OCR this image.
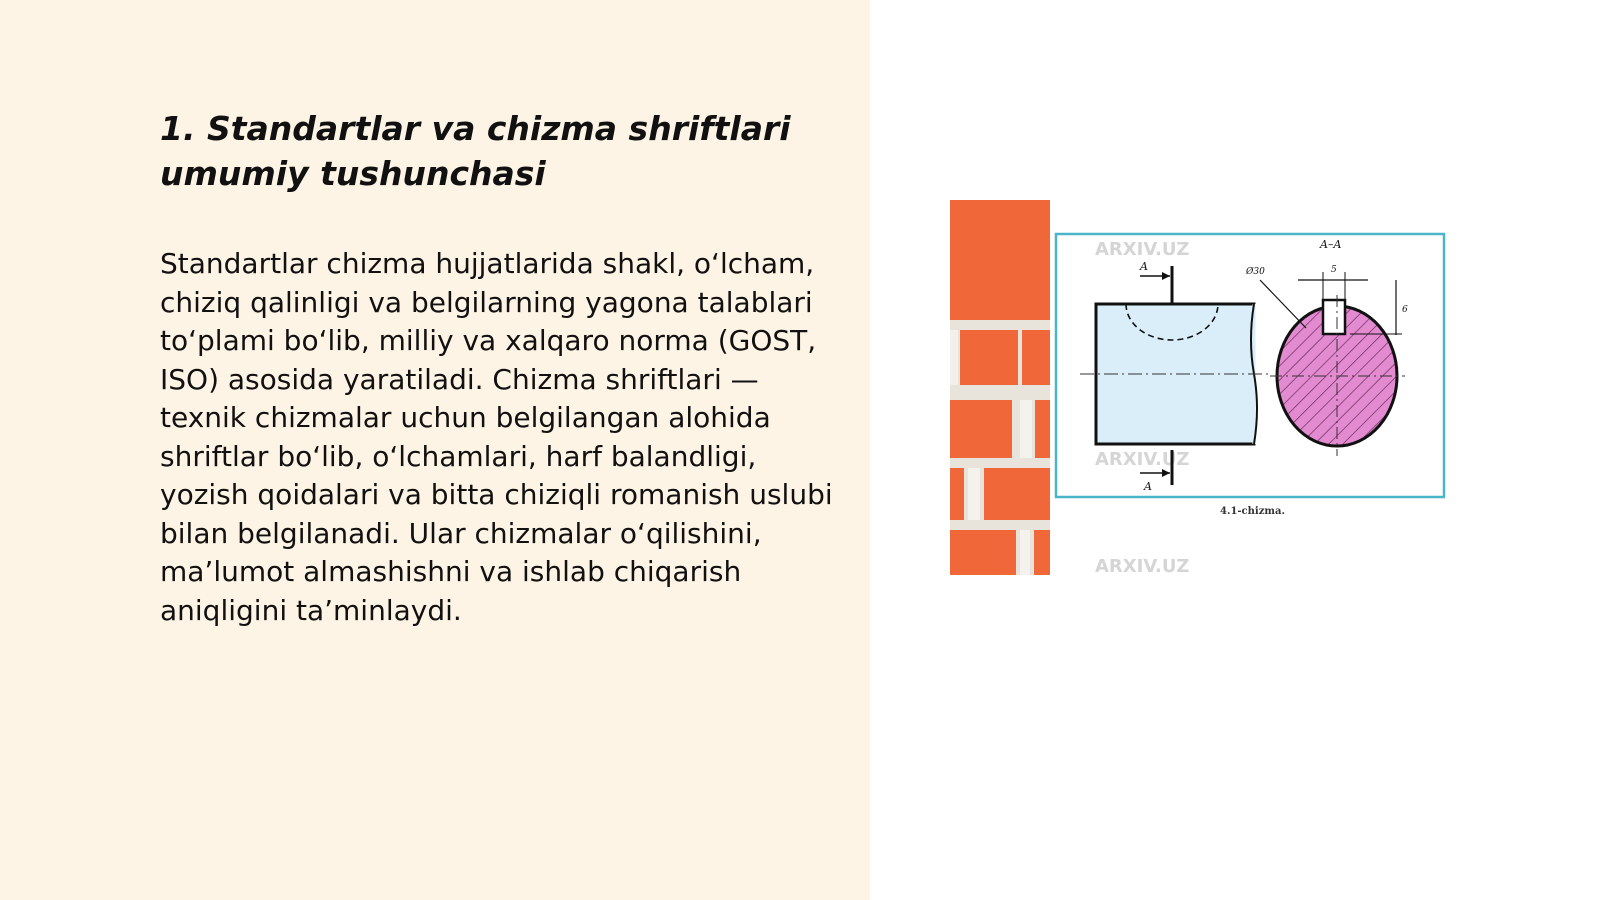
1. Standartlar va chizma shriftlari umumiy tushunchasi

Standartlar chizma hujjatlarida shakl, o‘lcham, chiziq qalinligi va belgilarning yagona talablari to‘plami bo‘lib, milliy va xalqaro norma (GOST, ISO) asosida yaratiladi. Chizma shriftlari — texnik chizmalar uchun belgilangan alohida shriftlar bo‘lib, o‘lchamlari, harf balandligi, yozish qoidalari va bitta chiziqli romanish uslubi bilan belgilanadi. Ular chizmalar o‘qilishini, ma’lumot almashishni va ishlab chiqarish aniqligini ta’minlaydi.

ARXIV.UZ
ARXIV.UZ
ARXIV.UZ
A
A
A–A
Ø30	5
6
4.1-chizma.
